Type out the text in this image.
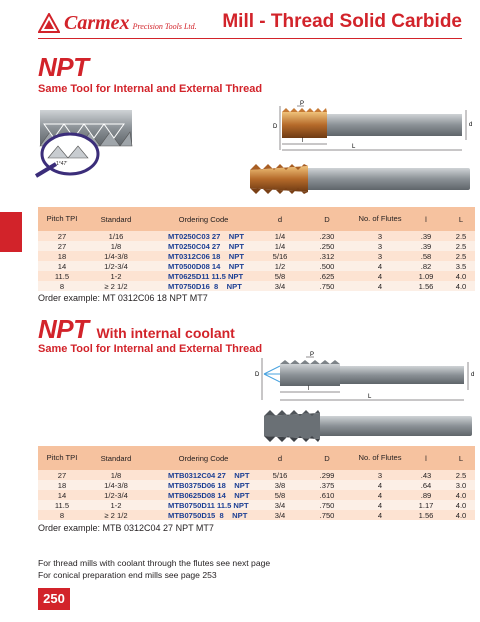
Carmex Precision Tools Ltd. Mill - Thread Solid Carbide
NPT
Same Tool for Internal and External Thread
1°47'
D
P
d
l
L
Pitch TPI	Standard	Ordering Code	d	D	No. of Flutes	l	L
27	1/16	MT0250C03 27    NPT	1/4	.230	3	.39	2.5
27	1/8	MT0250C04 27    NPT	1/4	.250	3	.39	2.5
18	1/4-3/8	MT0312C06 18    NPT	5/16	.312	3	.58	2.5
14	1/2-3/4	MT0500D08 14    NPT	1/2	.500	4	.82	3.5
11.5	1-2	MT0625D11 11.5 NPT	5/8	.625	4	1.09	4.0
8	≥ 2 1/2	MT0750D16  8    NPT	3/4	.750	4	1.56	4.0
Order example: MT 0312C06 18 NPT MT7
NPT With internal coolant
Same Tool for Internal and External Thread
D
P
d
l
L
Pitch TPI	Standard	Ordering Code	d	D	No. of Flutes	l	L
27	1/8	MTB0312C04 27    NPT	5/16	.299	3	.43	2.5
18	1/4-3/8	MTB0375D06 18    NPT	3/8	.375	4	.64	3.0
14	1/2-3/4	MTB0625D08 14    NPT	5/8	.610	4	.89	4.0
11.5	1-2	MTB0750D11 11.5 NPT	3/4	.750	4	1.17	4.0
8	≥ 2 1/2	MTB0750D15  8    NPT	3/4	.750	4	1.56	4.0
Order example: MTB 0312C04 27 NPT MT7
For thread mills with coolant through the flutes see next page
For conical preparation end mills see page 253
250
